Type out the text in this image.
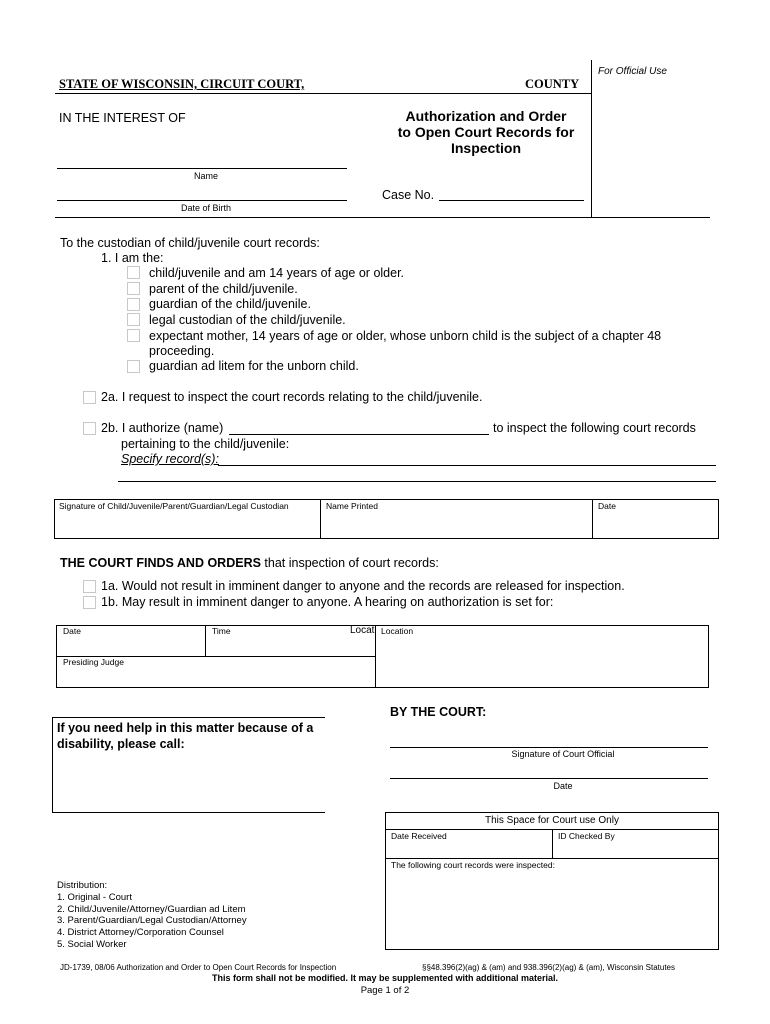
STATE OF WISCONSIN, CIRCUIT COURT,	COUNTY
For Official Use
IN THE INTEREST OF	Authorization and Order
to Open Court Records for
Inspection
Name
Date of Birth
Case No.
To the custodian of child/juvenile court records:
1. I am the:
child/juvenile and am 14 years of age or older.
parent of the child/juvenile.
guardian of the child/juvenile.
legal custodian of the child/juvenile.
expectant mother, 14 years of age or older, whose unborn child is the subject of a chapter 48
proceeding.
guardian ad litem for the unborn child.
2a. I request to inspect the court records relating to the child/juvenile.
2b. I authorize (name)	to inspect the following court records
pertaining to the child/juvenile:
Specify record(s):
Signature of Child/Juvenile/Parent/Guardian/Legal Custodian	Name Printed	Date
THE COURT FINDS AND ORDERS that inspection of court records:
1a. Would not result in imminent danger to anyone and the records are released for inspection.
1b. May result in imminent danger to anyone. A hearing on authorization is set for:
Date	Time	Locat Location
Presiding Judge
If you need help in this matter because of a disability, please call:
BY THE COURT:
Signature of Court Official
Date
This Space for Court use Only
Date Received	ID Checked By
The following court records were inspected:
Distribution:
1. Original - Court
2. Child/Juvenile/Attorney/Guardian ad Litem
3. Parent/Guardian/Legal Custodian/Attorney
4. District Attorney/Corporation Counsel
5. Social Worker
JD-1739, 08/06 Authorization and Order to Open Court Records for Inspection	§§48.396(2)(ag) & (am) and 938.396(2)(ag) & (am), Wisconsin Statutes
This form shall not be modified. It may be supplemented with additional material.
Page 1 of 2
